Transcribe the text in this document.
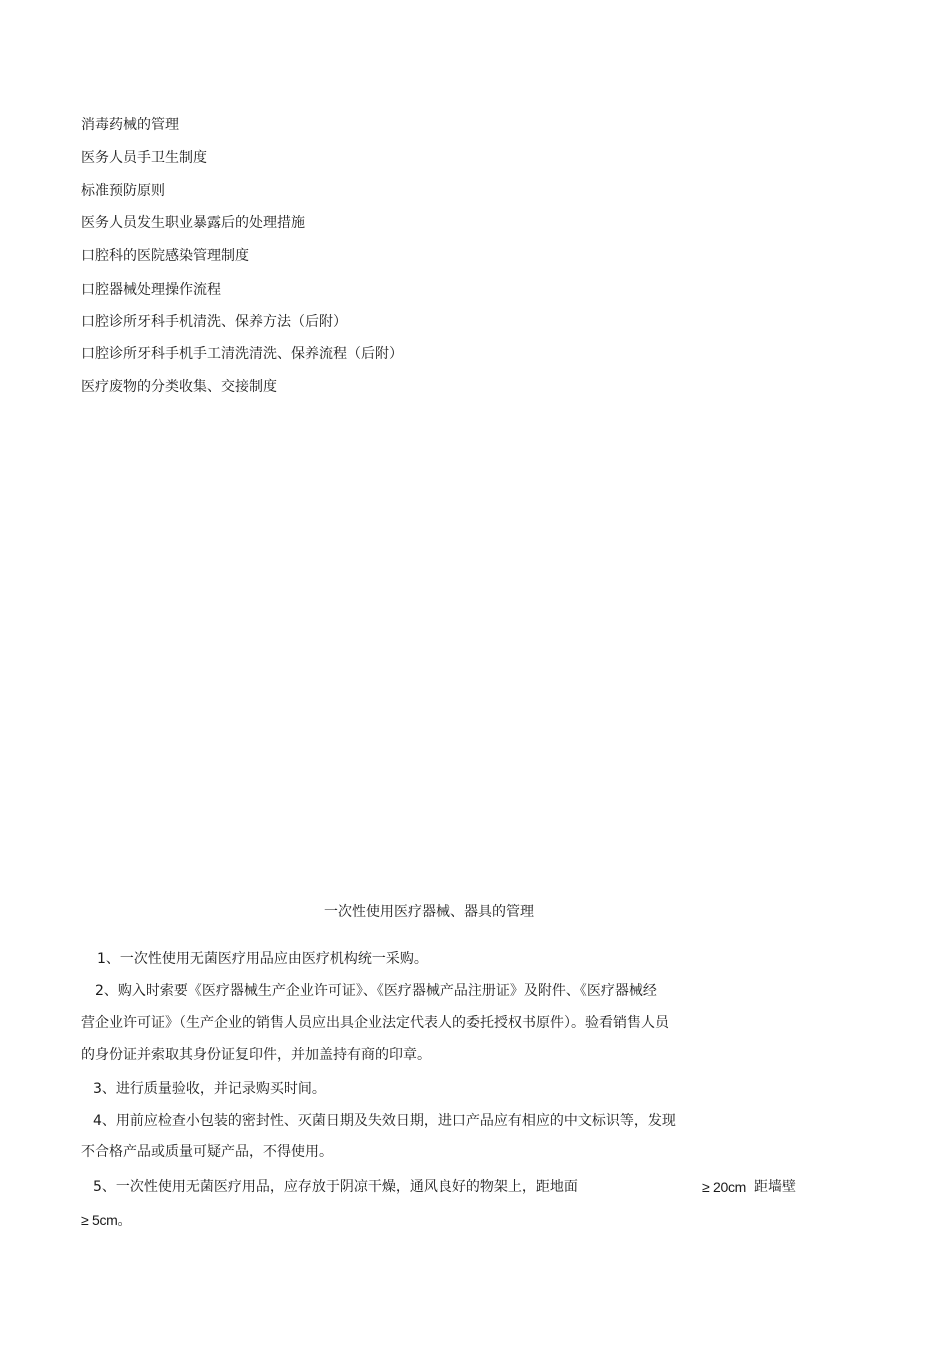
消毒药械的管理
医务人员手卫生制度
标准预防原则
医务人员发生职业暴露后的处理措施
口腔科的医院感染管理制度
口腔器械处理操作流程
口腔诊所牙科手机清洗、保养方法（后附）
口腔诊所牙科手机手工清洗清洗、保养流程（后附）
医疗废物的分类收集、交接制度
一次性使用医疗器械、器具的管理
1、一次性使用无菌医疗用品应由医疗机构统一采购。
2、购入时索要《医疗器械生产企业许可证》、《医疗器械产品注册证》及附件、《医疗器械经
营企业许可证》（生产企业的销售人员应出具企业法定代表人的委托授权书原件）。验看销售人员
的身份证并索取其身份证复印件，并加盖持有商的印章。
3、进行质量验收，并记录购买时间。
4、用前应检查小包装的密封性、灭菌日期及失效日期，进口产品应有相应的中文标识等，发现
不合格产品或质量可疑产品，不得使用。
5、一次性使用无菌医疗用品，应存放于阴凉干燥，通风良好的物架上，距地面	≥ 20cm 距墙壁
≥ 5cm。
